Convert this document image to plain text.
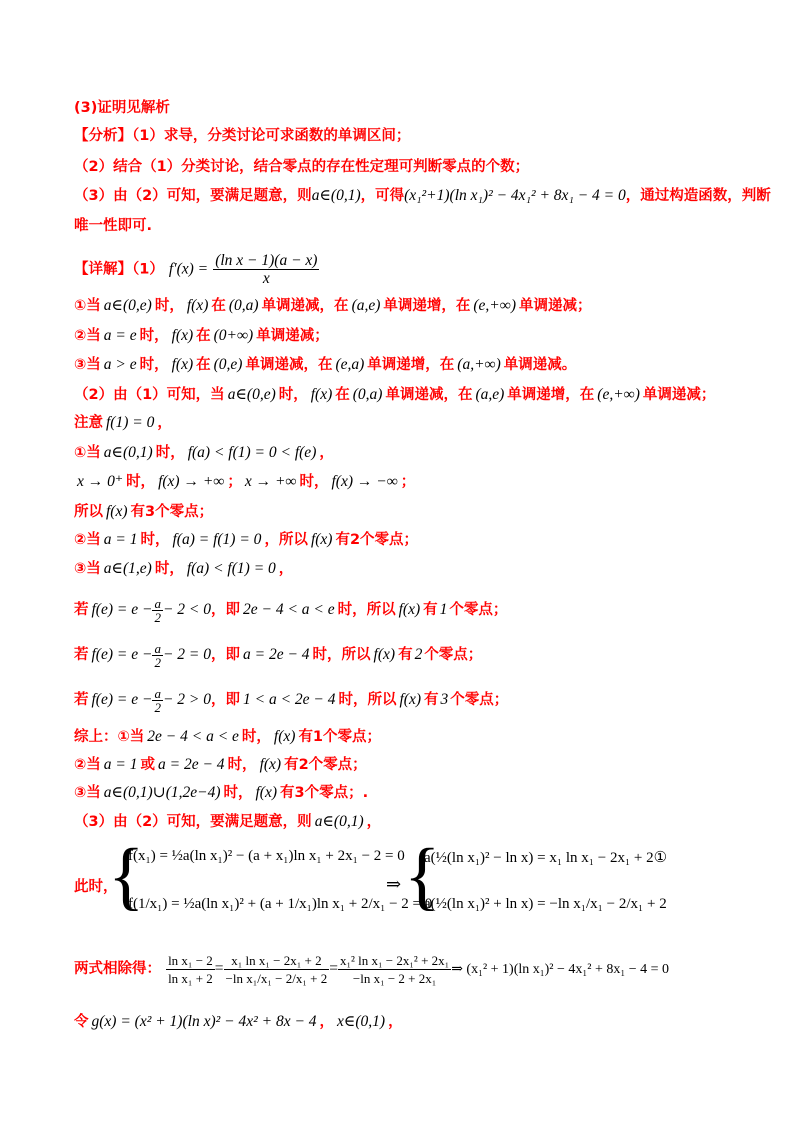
(3)证明见解析
【分析】（1）求导，分类讨论可求函数的单调区间；
（2）结合（1）分类讨论，结合零点的存在性定理可判断零点的个数；
（3）由（2）可知，要满足题意，则a∈(0,1)，可得(x₁²+1)(ln x₁)² − 4x₁² + 8x₁ − 4 = 0，通过构造函数，判断
唯一性即可.
【详解】（1） $f'(x) = \frac{\text{(ln x − 1)(a − x)}}{x}$
①当 a∈(0,e) 时， f(x) 在 (0,a) 单调递减，在 (a,e) 单调递增，在 (e,+∞) 单调递减；
②当 a = e 时， f(x) 在 (0+∞) 单调递减；
③当 a > e 时， f(x) 在 (0,e) 单调递减，在 (e,a) 单调递增，在 (a,+∞) 单调递减。
（2）由（1）可知，当 a∈(0,e) 时， f(x) 在 (0,a) 单调递减，在 (a,e) 单调递增，在 (e,+∞) 单调递减；
注意 f(1) = 0 ，
①当 a∈(0,1) 时， f(a) < f(1) = 0 < f(e) ，
x → 0⁺ 时， f(x) → +∞ ； x → +∞ 时， f(x) → −∞ ；
所以 f(x) 有3个零点；
②当 a = 1 时， f(a) = f(1) = 0 ，所以 f(x) 有2个零点；
③当 a∈(1,e) 时， f(a) < f(1) = 0 ，
若 $f(e) = e - \frac{a}{2} - 2 < 0$，即 2e − 4 < a < e 时，所以 f(x) 有 1 个零点；
若 $f(e) = e - \frac{a}{2} - 2 = 0$，即 a = 2e − 4 时，所以 f(x) 有 2 个零点；
若 $f(e) = e - \frac{a}{2} - 2 > 0$，即 1 < a < 2e − 4 时，所以 f(x) 有 3 个零点；
综上：①当 2e − 4 < a < e 时， f(x) 有1个零点；
②当 a = 1 或 a = 2e − 4 时， f(x) 有2个零点；
③当 a∈(0,1)∪(1,2e−4) 时， f(x) 有3个零点；.
（3）由（2）可知，要满足题意，则 a∈(0,1) ，
此时，
{
f(x₁) = ½a(ln x₁)² − (a + x₁)ln x₁ + 2x₁ − 2 = 0
f(1/x₁) = ½a(ln x₁)² + (a + 1/x₁)ln x₁ + 2/x₁ − 2 = 0
⇒ {
a(½(ln x₁)² − ln x) = x₁ ln x₁ − 2x₁ + 2①
a(½(ln x₁)² + ln x) = −ln x₁/x₁ − 2/x₁ + 2
两式相除得： $\frac{\text{ln x₁ − 2}}{\text{ln x₁ + 2}} = \frac{\text{x₁ ln x₁ − 2x₁ + 2}}{\text{−ln x₁/x₁ − 2/x₁ + 2}} = \frac{\text{x₁² ln x₁ − 2x₁² + 2x₁}}{\text{−ln x₁ − 2 + 2x₁}}$ ⇒ (x₁² + 1)(ln x₁)² − 4x₁² + 8x₁ − 4 = 0
令 g(x) = (x² + 1)(ln x)² − 4x² + 8x − 4 ， x∈(0,1) ，
